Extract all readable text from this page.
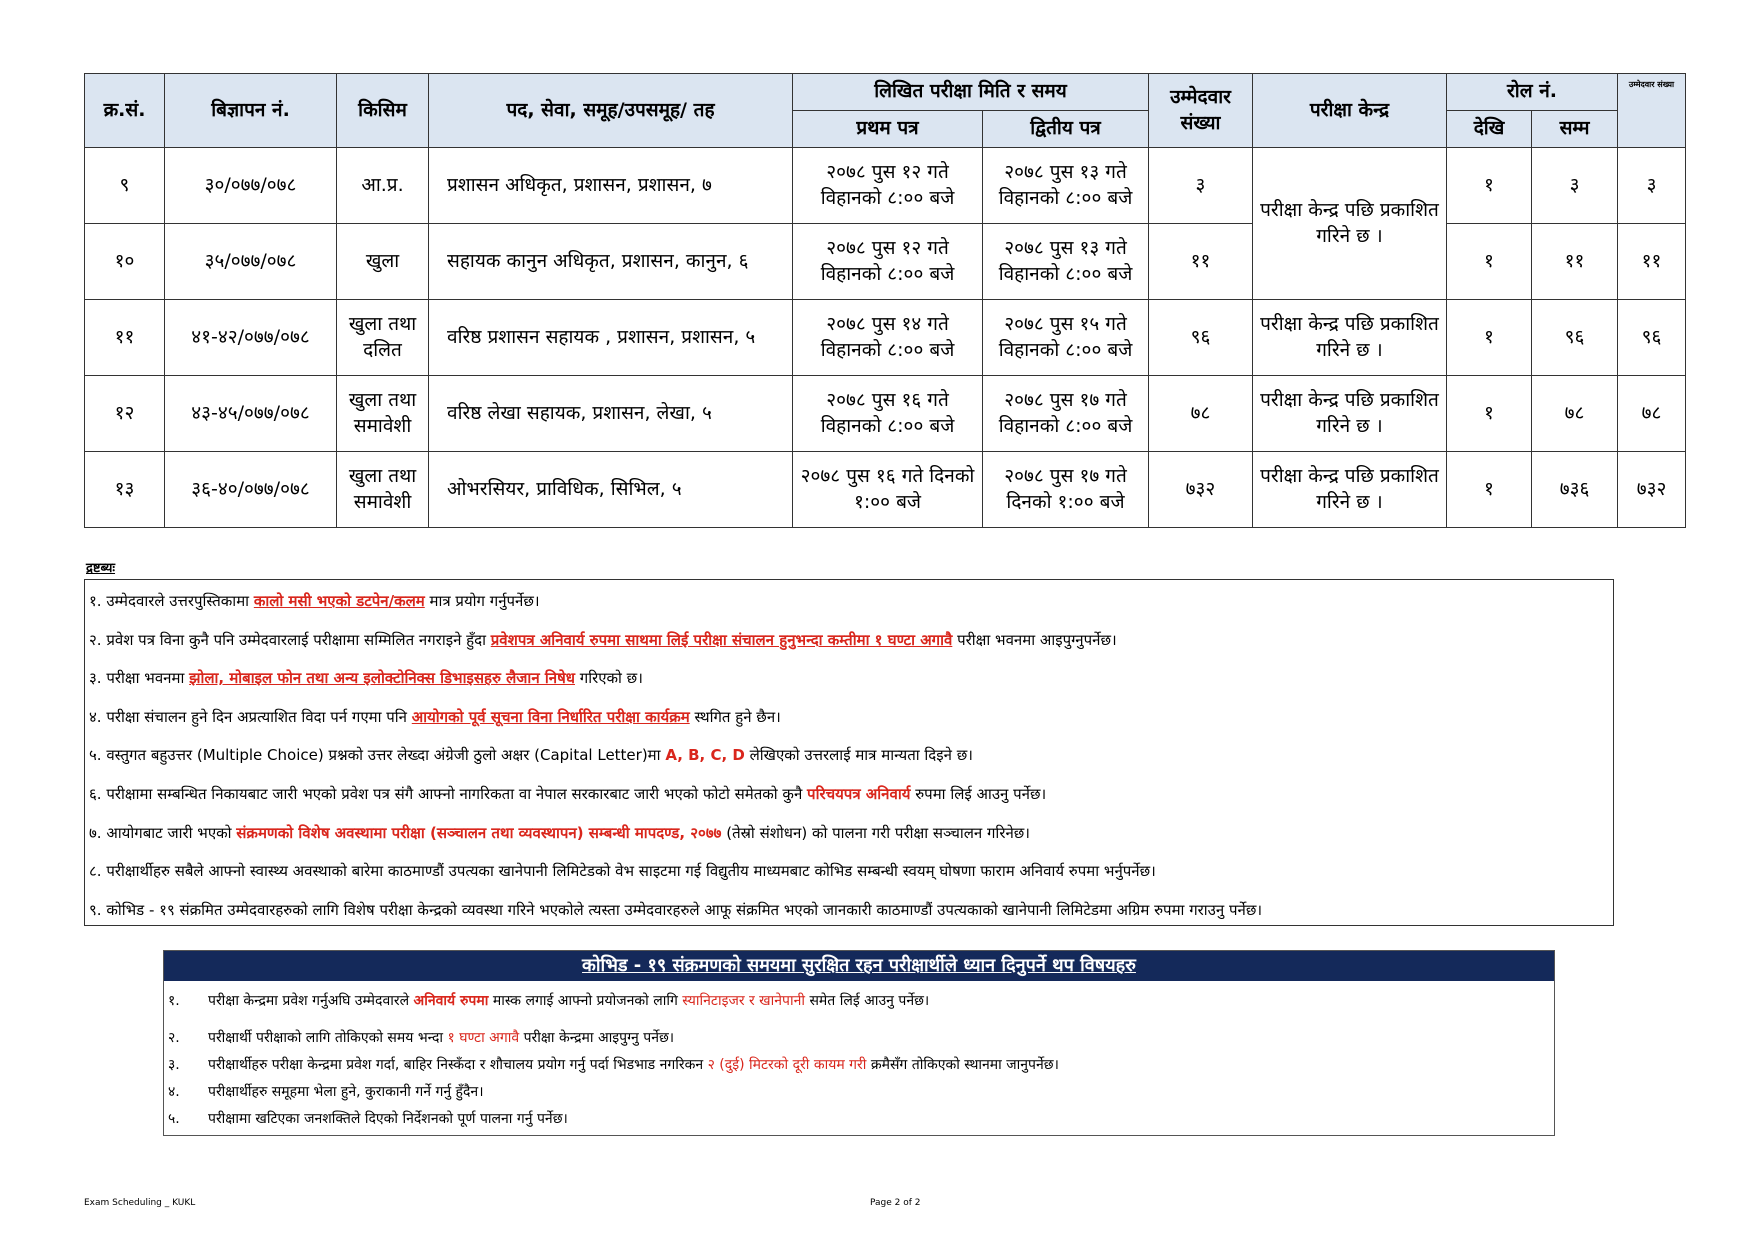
क्र.सं.	बिज्ञापन नं.	किसिम	पद, सेवा, समूह/उपसमूह/ तह	लिखित परीक्षा मिति र समय		उम्मेदवार संख्या	परीक्षा केन्द्र	रोल नं.		उम्मेदवार संख्या
				प्रथम पत्र	द्वितीय पत्र			देखि	सम्म	
९	३०/०७७/०७८	आ.प्र.	प्रशासन अधिकृत, प्रशासन, प्रशासन, ७	२०७८ पुस १२ गते विहानको ८:०० बजे	२०७८ पुस १३ गते विहानको ८:०० बजे	३	परीक्षा केन्द्र पछि प्रकाशित गरिने छ ।	१	३	३
१०	३५/०७७/०७८	खुला	सहायक कानुन अधिकृत, प्रशासन, कानुन, ६	२०७८ पुस १२ गते विहानको ८:०० बजे	२०७८ पुस १३ गते विहानको ८:०० बजे	११		१	११	११
११	४१-४२/०७७/०७८	खुला तथा दलित	वरिष्ठ प्रशासन सहायक , प्रशासन, प्रशासन, ५	२०७८ पुस १४ गते विहानको ८:०० बजे	२०७८ पुस १५ गते विहानको ८:०० बजे	९६	परीक्षा केन्द्र पछि प्रकाशित गरिने छ ।	१	९६	९६
१२	४३-४५/०७७/०७८	खुला तथा समावेशी	वरिष्ठ लेखा सहायक, प्रशासन, लेखा, ५	२०७८ पुस १६ गते विहानको ८:०० बजे	२०७८ पुस १७ गते विहानको ८:०० बजे	७८	परीक्षा केन्द्र पछि प्रकाशित गरिने छ ।	१	७८	७८
१३	३६-४०/०७७/०७८	खुला तथा समावेशी	ओभरसियर, प्राविधिक, सिभिल, ५	२०७८ पुस १६ गते दिनको १:०० बजे	२०७८ पुस १७ गते दिनको १:०० बजे	७३२	परीक्षा केन्द्र पछि प्रकाशित गरिने छ ।	१	७३६	७३२
द्रष्टब्यः
१. उम्मेदवारले उत्तरपुस्तिकामा कालो मसी भएको डटपेन/कलम मात्र प्रयोग गर्नुपर्नेछ।
२. प्रवेश पत्र विना कुनै पनि उम्मेदवारलाई परीक्षामा सम्मिलित नगराइने हुँदा प्रवेशपत्र अनिवार्य रुपमा साथमा लिई परीक्षा संचालन हुनुभन्दा कम्तीमा १ घण्टा अगावै परीक्षा भवनमा आइपुग्नुपर्नेछ।
३. परीक्षा भवनमा झोला, मोबाइल फोन तथा अन्य इलोक्टोनिक्स डिभाइसहरु लैजान निषेध गरिएको छ।
४. परीक्षा संचालन हुने दिन अप्रत्याशित विदा पर्न गएमा पनि आयोगको पूर्व सूचना विना निर्धारित परीक्षा कार्यक्रम स्थगित हुने छैन।
५. वस्तुगत बहुउत्तर (Multiple Choice) प्रश्नको उत्तर लेख्दा अंग्रेजी ठुलो अक्षर (Capital Letter)मा A, B, C, D लेखिएको उत्तरलाई मात्र मान्यता दिइने छ।
६. परीक्षामा सम्बन्धित निकायबाट जारी भएको प्रवेश पत्र संगै आफ्नो नागरिकता वा नेपाल सरकारबाट जारी भएको फोटो समेतको कुनै परिचयपत्र अनिवार्य रुपमा लिई आउनु पर्नेछ।
७. आयोगबाट जारी भएको संक्रमणको विशेष अवस्थामा परीक्षा (सञ्चालन तथा व्यवस्थापन) सम्बन्धी मापदण्ड, २०७७ (तेस्रो संशोधन) को पालना गरी परीक्षा सञ्चालन गरिनेछ।
८. परीक्षार्थीहरु सबैले आफ्नो स्वास्थ्य अवस्थाको बारेमा काठमाण्डौं उपत्यका खानेपानी लिमिटेडको वेभ साइटमा गई विद्युतीय माध्यमबाट कोभिड सम्बन्धी स्वयम् घोषणा फाराम अनिवार्य रुपमा भर्नुपर्नेछ।
९. कोभिड - १९ संक्रमित उम्मेदवारहरुको लागि विशेष परीक्षा केन्द्रको व्यवस्था गरिने भएकोले त्यस्ता उम्मेदवारहरुले आफू संक्रमित भएको जानकारी काठमाण्डौं उपत्यकाको खानेपानी लिमिटेडमा अग्रिम रुपमा गराउनु पर्नेछ।
कोभिड - १९ संक्रमणको समयमा सुरक्षित रहन परीक्षार्थीले ध्यान दिनुपर्ने थप विषयहरु
१. परीक्षा केन्द्रमा प्रवेश गर्नुअघि उम्मेदवारले अनिवार्य रुपमा मास्क लगाई आफ्नो प्रयोजनको लागि स्यानिटाइजर र खानेपानी समेत लिई आउनु पर्नेछ।
२. परीक्षार्थी परीक्षाको लागि तोकिएको समय भन्दा १ घण्टा अगावै परीक्षा केन्द्रमा आइपुग्नु पर्नेछ।
३. परीक्षार्थीहरु परीक्षा केन्द्रमा प्रवेश गर्दा, बाहिर निस्कँदा र शौचालय प्रयोग गर्नु पर्दा भिडभाड नगरिकन २ (दुई) मिटरको दूरी कायम गरी क्रमैसँग तोकिएको स्थानमा जानुपर्नेछ।
४. परीक्षार्थीहरु समूहमा भेला हुने, कुराकानी गर्ने गर्नु हुँदैन।
५. परीक्षामा खटिएका जनशक्तिले दिएको निर्देशनको पूर्ण पालना गर्नु पर्नेछ।
Exam Scheduling _ KUKL	Page 2 of 2
